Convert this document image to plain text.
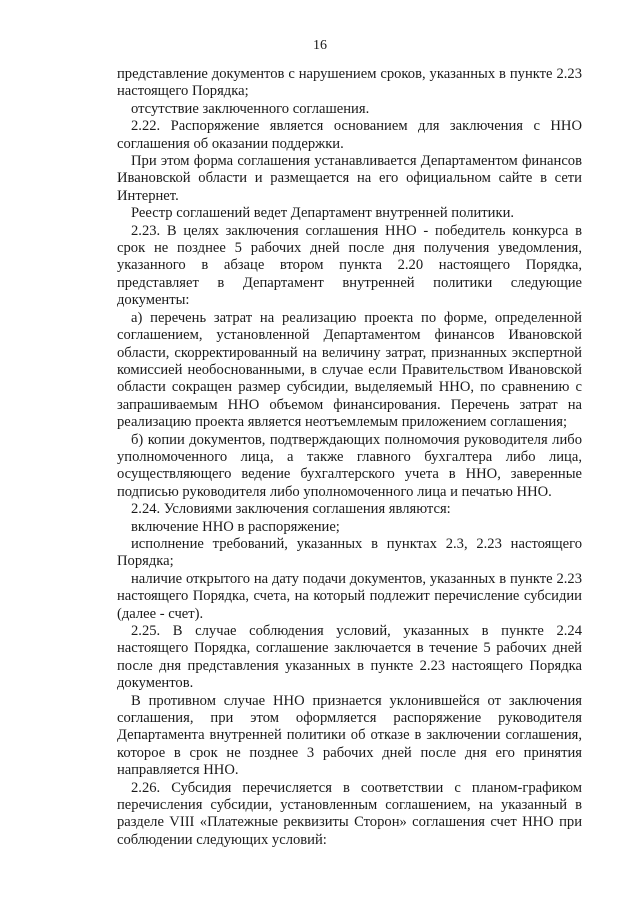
16

представление документов с нарушением сроков, указанных в пункте 2.23 настоящего Порядка;

отсутствие заключенного соглашения.

2.22. Распоряжение является основанием для заключения с ННО соглашения об оказании поддержки.

При этом форма соглашения устанавливается Департаментом финансов Ивановской области и размещается на его официальном сайте в сети Интернет.

Реестр соглашений ведет Департамент внутренней политики.

2.23. В целях заключения соглашения ННО - победитель конкурса в срок не позднее 5 рабочих дней после дня получения уведомления, указанного в абзаце втором пункта 2.20 настоящего Порядка, представляет в Департамент внутренней политики следующие документы:

а) перечень затрат на реализацию проекта по форме, определенной соглашением, установленной Департаментом финансов Ивановской области, скорректированный на величину затрат, признанных экспертной комиссией необоснованными, в случае если Правительством Ивановской области сокращен размер субсидии, выделяемый ННО, по сравнению с запрашиваемым ННО объемом финансирования. Перечень затрат на реализацию проекта является неотъемлемым приложением соглашения;

б) копии документов, подтверждающих полномочия руководителя либо уполномоченного лица, а также главного бухгалтера либо лица, осуществляющего ведение бухгалтерского учета в ННО, заверенные подписью руководителя либо уполномоченного лица и печатью ННО.

2.24. Условиями заключения соглашения являются:

включение ННО в распоряжение;

исполнение требований, указанных в пунктах 2.3, 2.23 настоящего Порядка;

наличие открытого на дату подачи документов, указанных в пункте 2.23 настоящего Порядка, счета, на который подлежит перечисление субсидии (далее - счет).

2.25. В случае соблюдения условий, указанных в пункте 2.24 настоящего Порядка, соглашение заключается в течение 5 рабочих дней после дня представления указанных в пункте 2.23 настоящего Порядка документов.

В противном случае ННО признается уклонившейся от заключения соглашения, при этом оформляется распоряжение руководителя Департамента внутренней политики об отказе в заключении соглашения, которое в срок не позднее 3 рабочих дней после дня его принятия направляется ННО.

2.26. Субсидия перечисляется в соответствии с планом-графиком перечисления субсидии, установленным соглашением, на указанный в разделе VIII «Платежные реквизиты Сторон» соглашения счет ННО при соблюдении следующих условий:
